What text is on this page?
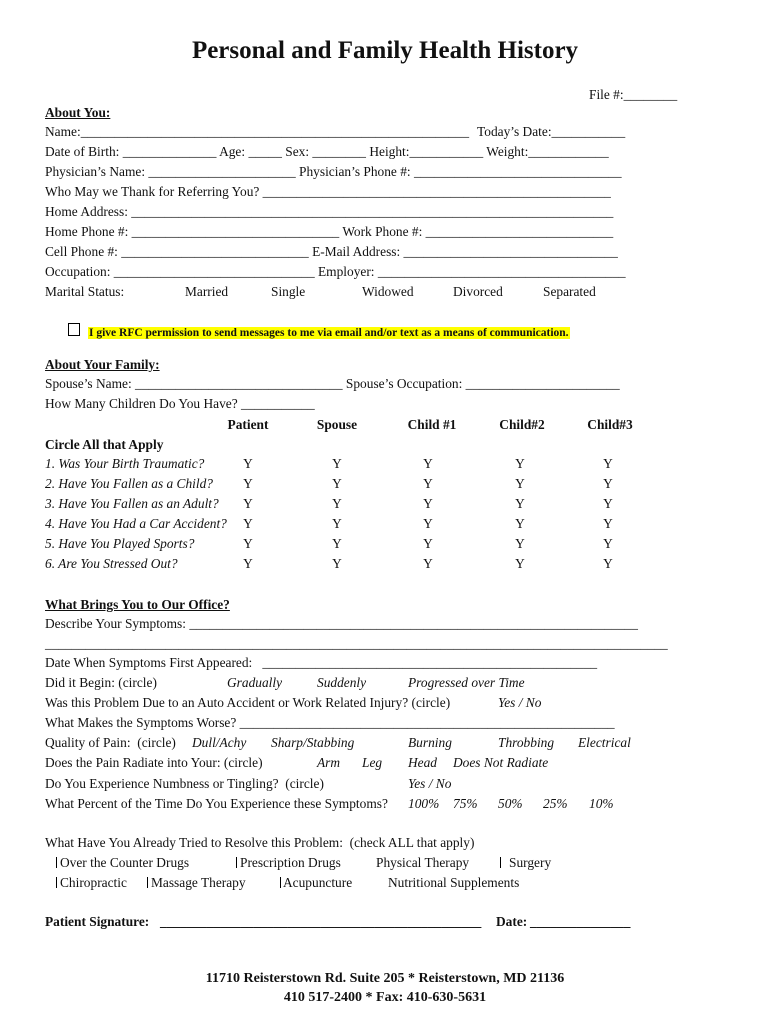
Personal and Family Health History
File #:________
About You:
Name:__________________________________________________________ Today’s Date:___________
Date of Birth: ______________ Age: _____ Sex: ________ Height:___________ Weight:____________
Physician’s Name: ______________________ Physician’s Phone #: _______________________________
Who May we Thank for Referring You? ____________________________________________________
Home Address: ________________________________________________________________________
Home Phone #: _______________________________ Work Phone #: ____________________________
Cell Phone #: ____________________________ E-Mail Address: ________________________________
Occupation: ______________________________ Employer: _____________________________________
Marital Status:	Married	Single	Widowed	Divorced	Separated
I give RFC permission to send messages to me via email and/or text as a means of communication.
About Your Family:
Spouse’s Name: _______________________________ Spouse’s Occupation: _______________________
How Many Children Do You Have? ___________
Patient	Spouse	Child #1	Child#2	Child#3
Circle All that Apply
1. Was Your Birth Traumatic?	Y	Y	Y	Y	Y
2. Have You Fallen as a Child?	Y	Y	Y	Y	Y
3. Have You Fallen as an Adult?	Y	Y	Y	Y	Y
4. Have You Had a Car Accident?	Y	Y	Y	Y	Y
5. Have You Played Sports?	Y	Y	Y	Y	Y
6. Are You Stressed Out?	Y	Y	Y	Y	Y
What Brings You to Our Office?
Describe Your Symptoms: ___________________________________________________________________
_____________________________________________________________________________________________
Date When Symptoms First Appeared:   __________________________________________________
Did it Begin: (circle)	Gradually	Suddenly	Progressed over Time
Was this Problem Due to an Auto Accident or Work Related Injury? (circle)	Yes / No
What Makes the Symptoms Worse? ________________________________________________________
Quality of Pain:  (circle) Dull/Achy Sharp/Stabbing	Burning	Throbbing Electrical
Does the Pain Radiate into Your: (circle)	Arm Leg Head Does Not Radiate
Do You Experience Numbness or Tingling?  (circle)	Yes / No
What Percent of the Time Do You Experience these Symptoms? 100% 75% 50% 25% 10%
What Have You Already Tried to Resolve this Problem:  (check ALL that apply)
Over the Counter Drugs	Prescription Drugs	Physical Therapy	Surgery
Chiropractic Massage Therapy	Acupuncture	Nutritional Supplements
Patient Signature: ________________________________________________ Date: _______________
11710 Reisterstown Rd. Suite 205 * Reisterstown, MD 21136
410 517-2400 * Fax: 410-630-5631
